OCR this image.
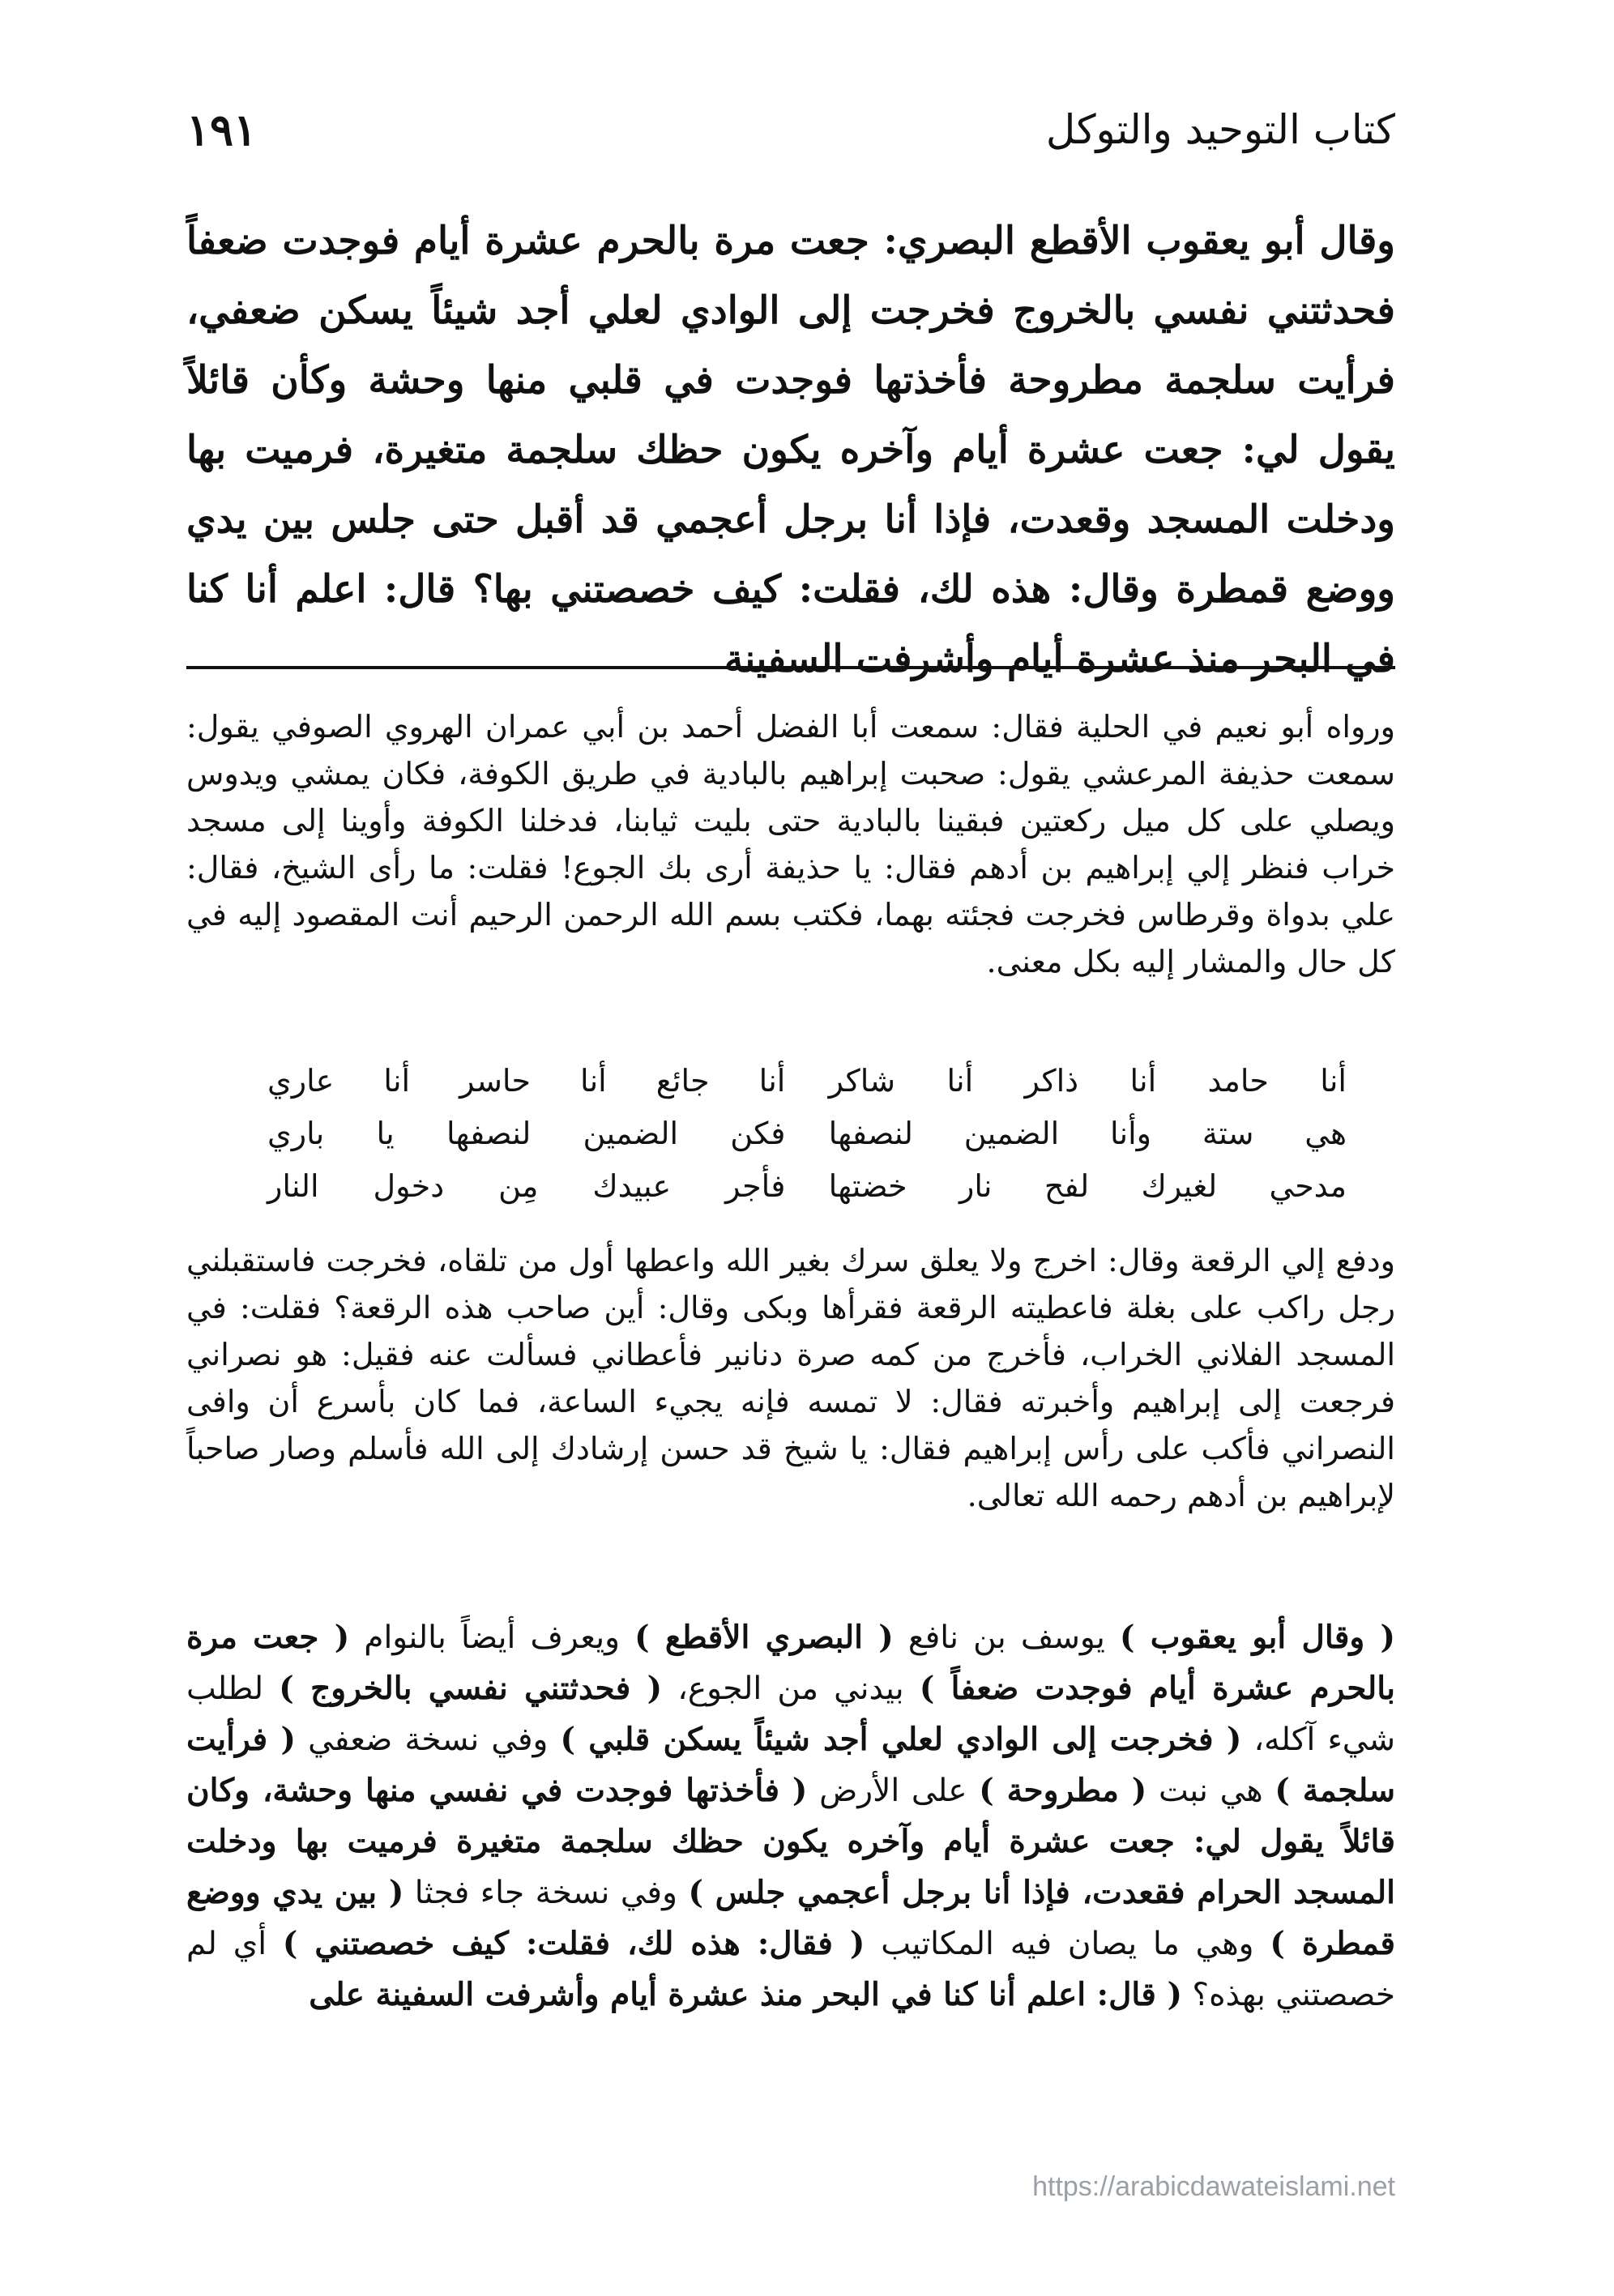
كتاب التوحيد والتوكل
١٩١
وقال أبو يعقوب الأقطع البصري: جعت مرة بالحرم عشرة أيام فوجدت ضعفاً فحدثتني نفسي بالخروج فخرجت إلى الوادي لعلي أجد شيئاً يسكن ضعفي، فرأيت سلجمة مطروحة فأخذتها فوجدت في قلبي منها وحشة وكأن قائلاً يقول لي: جعت عشرة أيام وآخره يكون حظك سلجمة متغيرة، فرميت بها ودخلت المسجد وقعدت، فإذا أنا برجل أعجمي قد أقبل حتى جلس بين يدي ووضع قمطرة وقال: هذه لك، فقلت: كيف خصصتني بها؟ قال: اعلم أنا كنا في البحر منذ عشرة أيام وأشرفت السفينة

ورواه أبو نعيم في الحلية فقال: سمعت أبا الفضل أحمد بن أبي عمران الهروي الصوفي يقول: سمعت حذيفة المرعشي يقول: صحبت إبراهيم بالبادية في طريق الكوفة، فكان يمشي ويدوس ويصلي على كل ميل ركعتين فبقينا بالبادية حتى بليت ثيابنا، فدخلنا الكوفة وأوينا إلى مسجد خراب فنظر إلي إبراهيم بن أدهم فقال: يا حذيفة أرى بك الجوع! فقلت: ما رأى الشيخ، فقال: علي بدواة وقرطاس فخرجت فجئته بهما، فكتب بسم الله الرحمن الرحيم أنت المقصود إليه في كل حال والمشار إليه بكل معنى.

أنا حامد أنا ذاكر أنا شاكر
أنا جائع أنا حاسر أنا عاري
هي ستة وأنا الضمين لنصفها
فكن الضمين لنصفها يا باري
مدحي لغيرك لفح نار خضتها
فأجر عبيدك مِن دخول النار
ودفع إلي الرقعة وقال: اخرج ولا يعلق سرك بغير الله واعطها أول من تلقاه، فخرجت فاستقبلني رجل راكب على بغلة فاعطيته الرقعة فقرأها وبكى وقال: أين صاحب هذه الرقعة؟ فقلت: في المسجد الفلاني الخراب، فأخرج من كمه صرة دنانير فأعطاني فسألت عنه فقيل: هو نصراني فرجعت إلى إبراهيم وأخبرته فقال: لا تمسه فإنه يجيء الساعة، فما كان بأسرع أن وافى النصراني فأكب على رأس إبراهيم فقال: يا شيخ قد حسن إرشادك إلى الله فأسلم وصار صاحباً لإبراهيم بن أدهم رحمه الله تعالى.
( وقال أبو يعقوب ) يوسف بن نافع ( البصري الأقطع ) ويعرف أيضاً بالنوام ( جعت مرة بالحرم عشرة أيام فوجدت ضعفاً ) بيدني من الجوع، ( فحدثتني نفسي بالخروج ) لطلب شيء آكله، ( فخرجت إلى الوادي لعلي أجد شيئاً يسكن قلبي ) وفي نسخة ضعفي ( فرأيت سلجمة ) هي نبت ( مطروحة ) على الأرض ( فأخذتها فوجدت في نفسي منها وحشة، وكان قائلاً يقول لي: جعت عشرة أيام وآخره يكون حظك سلجمة متغيرة فرميت بها ودخلت المسجد الحرام فقعدت، فإذا أنا برجل أعجمي جلس ) وفي نسخة جاء فجثا ( بين يدي ووضع قمطرة ) وهي ما يصان فيه المكاتيب ( فقال: هذه لك، فقلت: كيف خصصتني ) أي لم خصصتني بهذه؟ ( قال: اعلم أنا كنا في البحر منذ عشرة أيام وأشرفت السفينة على
https://arabicdawateislami.net
